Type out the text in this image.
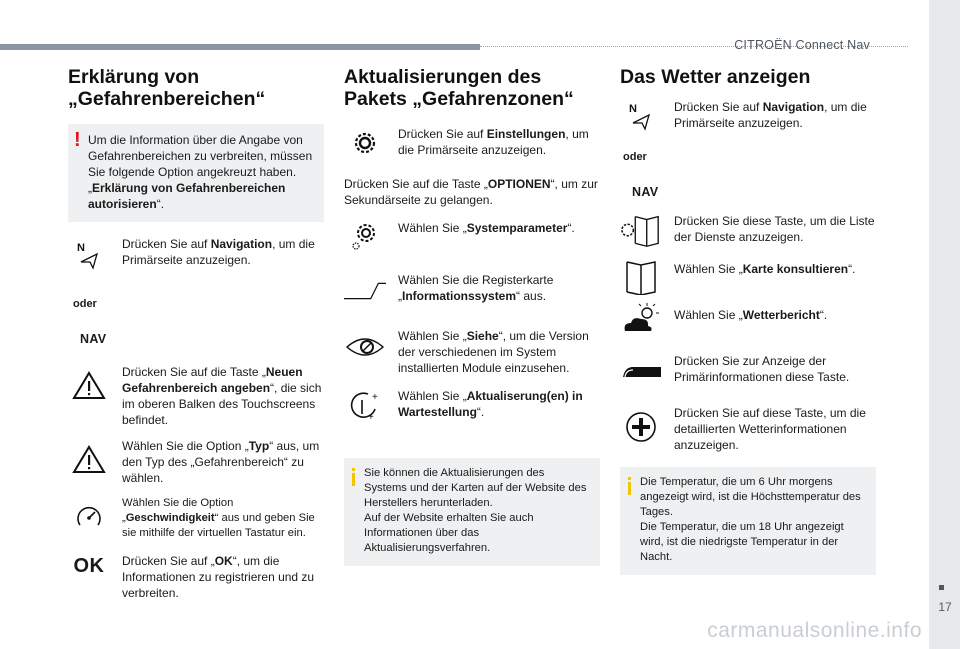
CITROËN Connect Nav
17
carmanualsonline.info
Erklärung von
„Gefahrenbereichen“
! Um die Information über die Angabe von Gefahrenbereichen zu verbreiten, müssen Sie folgende Option angekreuzt haben.
„Erklärung von Gefahrenbereichen autorisieren“.
N	Drücken Sie auf Navigation, um die Primärseite anzuzeigen.
oder
NAV
Drücken Sie auf die Taste „Neuen Gefahrenbereich angeben“, die sich im oberen Balken des Touchscreens befindet.
Wählen Sie die Option „Typ“ aus, um den Typ des „Gefahrenbereich“ zu wählen.
Wählen Sie die Option „Geschwindigkeit“ aus und geben Sie sie mithilfe der virtuellen Tastatur ein.
OK Drücken Sie auf „OK“, um die Informationen zu registrieren und zu verbreiten.
Aktualisierungen des
Pakets „Gefahrenzonen“
Drücken Sie auf Einstellungen, um die Primärseite anzuzeigen.
Drücken Sie auf die Taste „OPTIONEN“, um zur Sekundärseite zu gelangen.
Wählen Sie „Systemparameter“.
Wählen Sie die Registerkarte „Informationssystem“ aus.
Wählen Sie „Siehe“, um die Version der verschiedenen im System installierten Module einzusehen.
+
+
Wählen Sie „Aktualiserung(en) in Wartestellung“.
Sie können die Aktualisierungen des Systems und der Karten auf der Website des Herstellers herunterladen.
Auf der Website erhalten Sie auch Informationen über das Aktualisierungsverfahren.
Das Wetter anzeigen
N	Drücken Sie auf Navigation, um die Primärseite anzuzeigen.
oder
NAV
Drücken Sie diese Taste, um die Liste der Dienste anzuzeigen.
Wählen Sie „Karte konsultieren“.
Wählen Sie „Wetterbericht“.
Drücken Sie zur Anzeige der Primärinformationen diese Taste.
Drücken Sie auf diese Taste, um die detaillierten Wetterinformationen anzuzeigen.
Die Temperatur, die um 6 Uhr morgens angezeigt wird, ist die Höchsttemperatur des Tages.
Die Temperatur, die um 18 Uhr angezeigt wird, ist die niedrigste Temperatur in der Nacht.
